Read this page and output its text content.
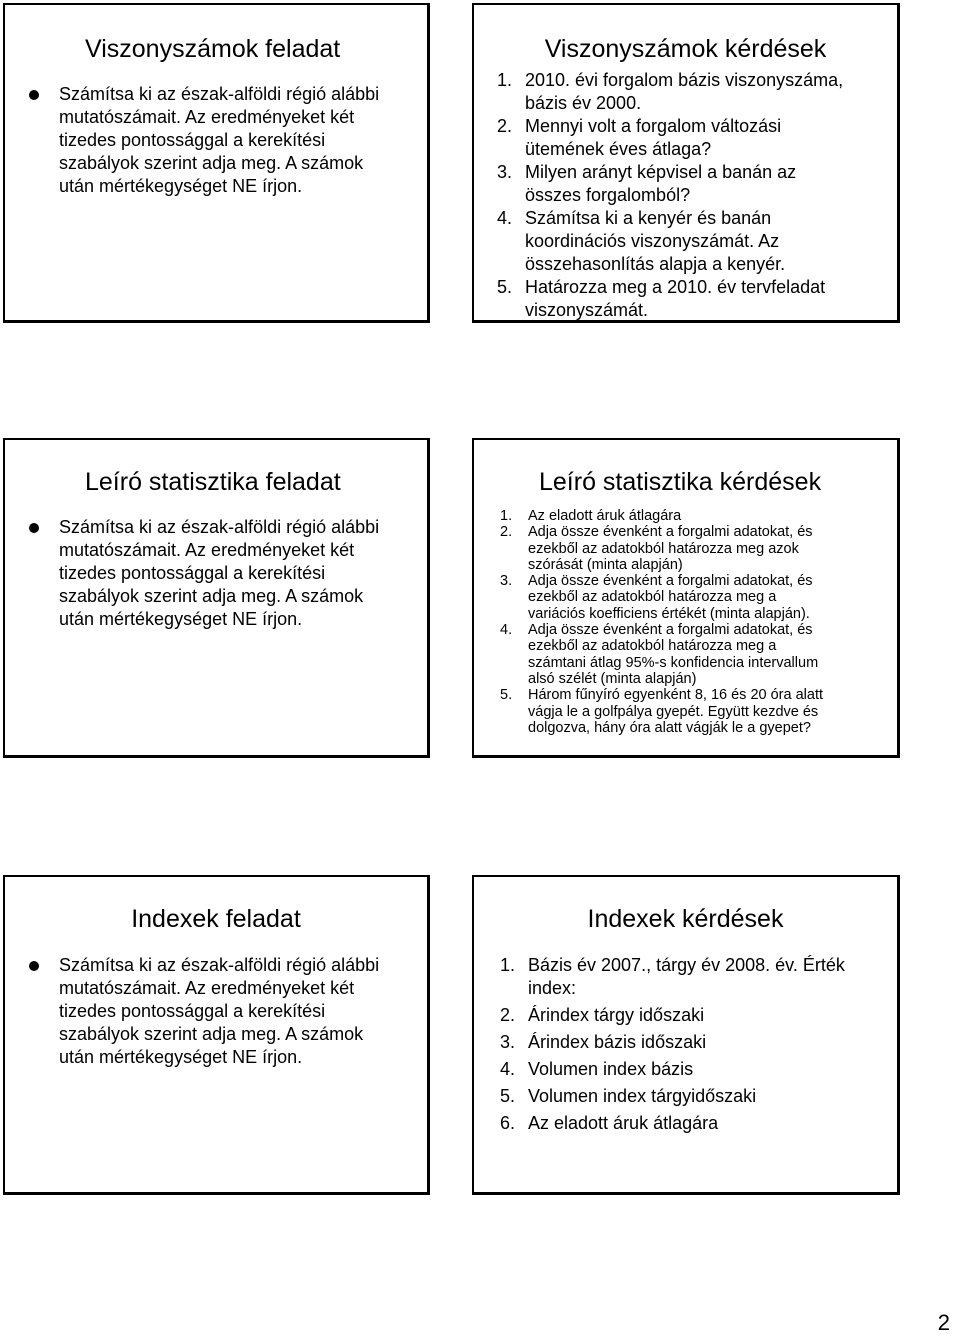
Viszonyszámok feladat
Számítsa ki az észak-alföldi régió alábbi
mutatószámait. Az eredményeket két
tizedes pontossággal a kerekítési
szabályok szerint adja meg. A számok
után mértékegységet NE írjon.
Viszonyszámok kérdések
1. 2010. évi forgalom bázis viszonyszáma,
bázis év 2000.
2. Mennyi volt a forgalom változási
ütemének éves átlaga?
3. Milyen arányt képvisel a banán az
összes forgalomból?
4. Számítsa ki a kenyér és banán
koordinációs viszonyszámát. Az
összehasonlítás alapja a kenyér.
5. Határozza meg a 2010. év tervfeladat
viszonyszámát.
Leíró statisztika feladat
Számítsa ki az észak-alföldi régió alábbi
mutatószámait. Az eredményeket két
tizedes pontossággal a kerekítési
szabályok szerint adja meg. A számok
után mértékegységet NE írjon.
Leíró statisztika kérdések
1. Az eladott áruk átlagára
2. Adja össze évenként a forgalmi adatokat, és
ezekből az adatokból határozza meg azok
szórását (minta alapján)
3. Adja össze évenként a forgalmi adatokat, és
ezekből az adatokból határozza meg a
variációs koefficiens értékét (minta alapján).
4. Adja össze évenként a forgalmi adatokat, és
ezekből az adatokból határozza meg a
számtani átlag 95%-s konfidencia intervallum
alsó szélét (minta alapján)
5. Három fűnyíró egyenként 8, 16 és 20 óra alatt
vágja le a golfpálya gyepét. Együtt kezdve és
dolgozva, hány óra alatt vágják le a gyepet?
Indexek feladat
Számítsa ki az észak-alföldi régió alábbi
mutatószámait. Az eredményeket két
tizedes pontossággal a kerekítési
szabályok szerint adja meg. A számok
után mértékegységet NE írjon.
Indexek kérdések
1. Bázis év 2007., tárgy év 2008. év. Érték
index:
2. Árindex tárgy időszaki
3. Árindex bázis időszaki
4. Volumen index bázis
5. Volumen index tárgyidőszaki
6. Az eladott áruk átlagára
2
